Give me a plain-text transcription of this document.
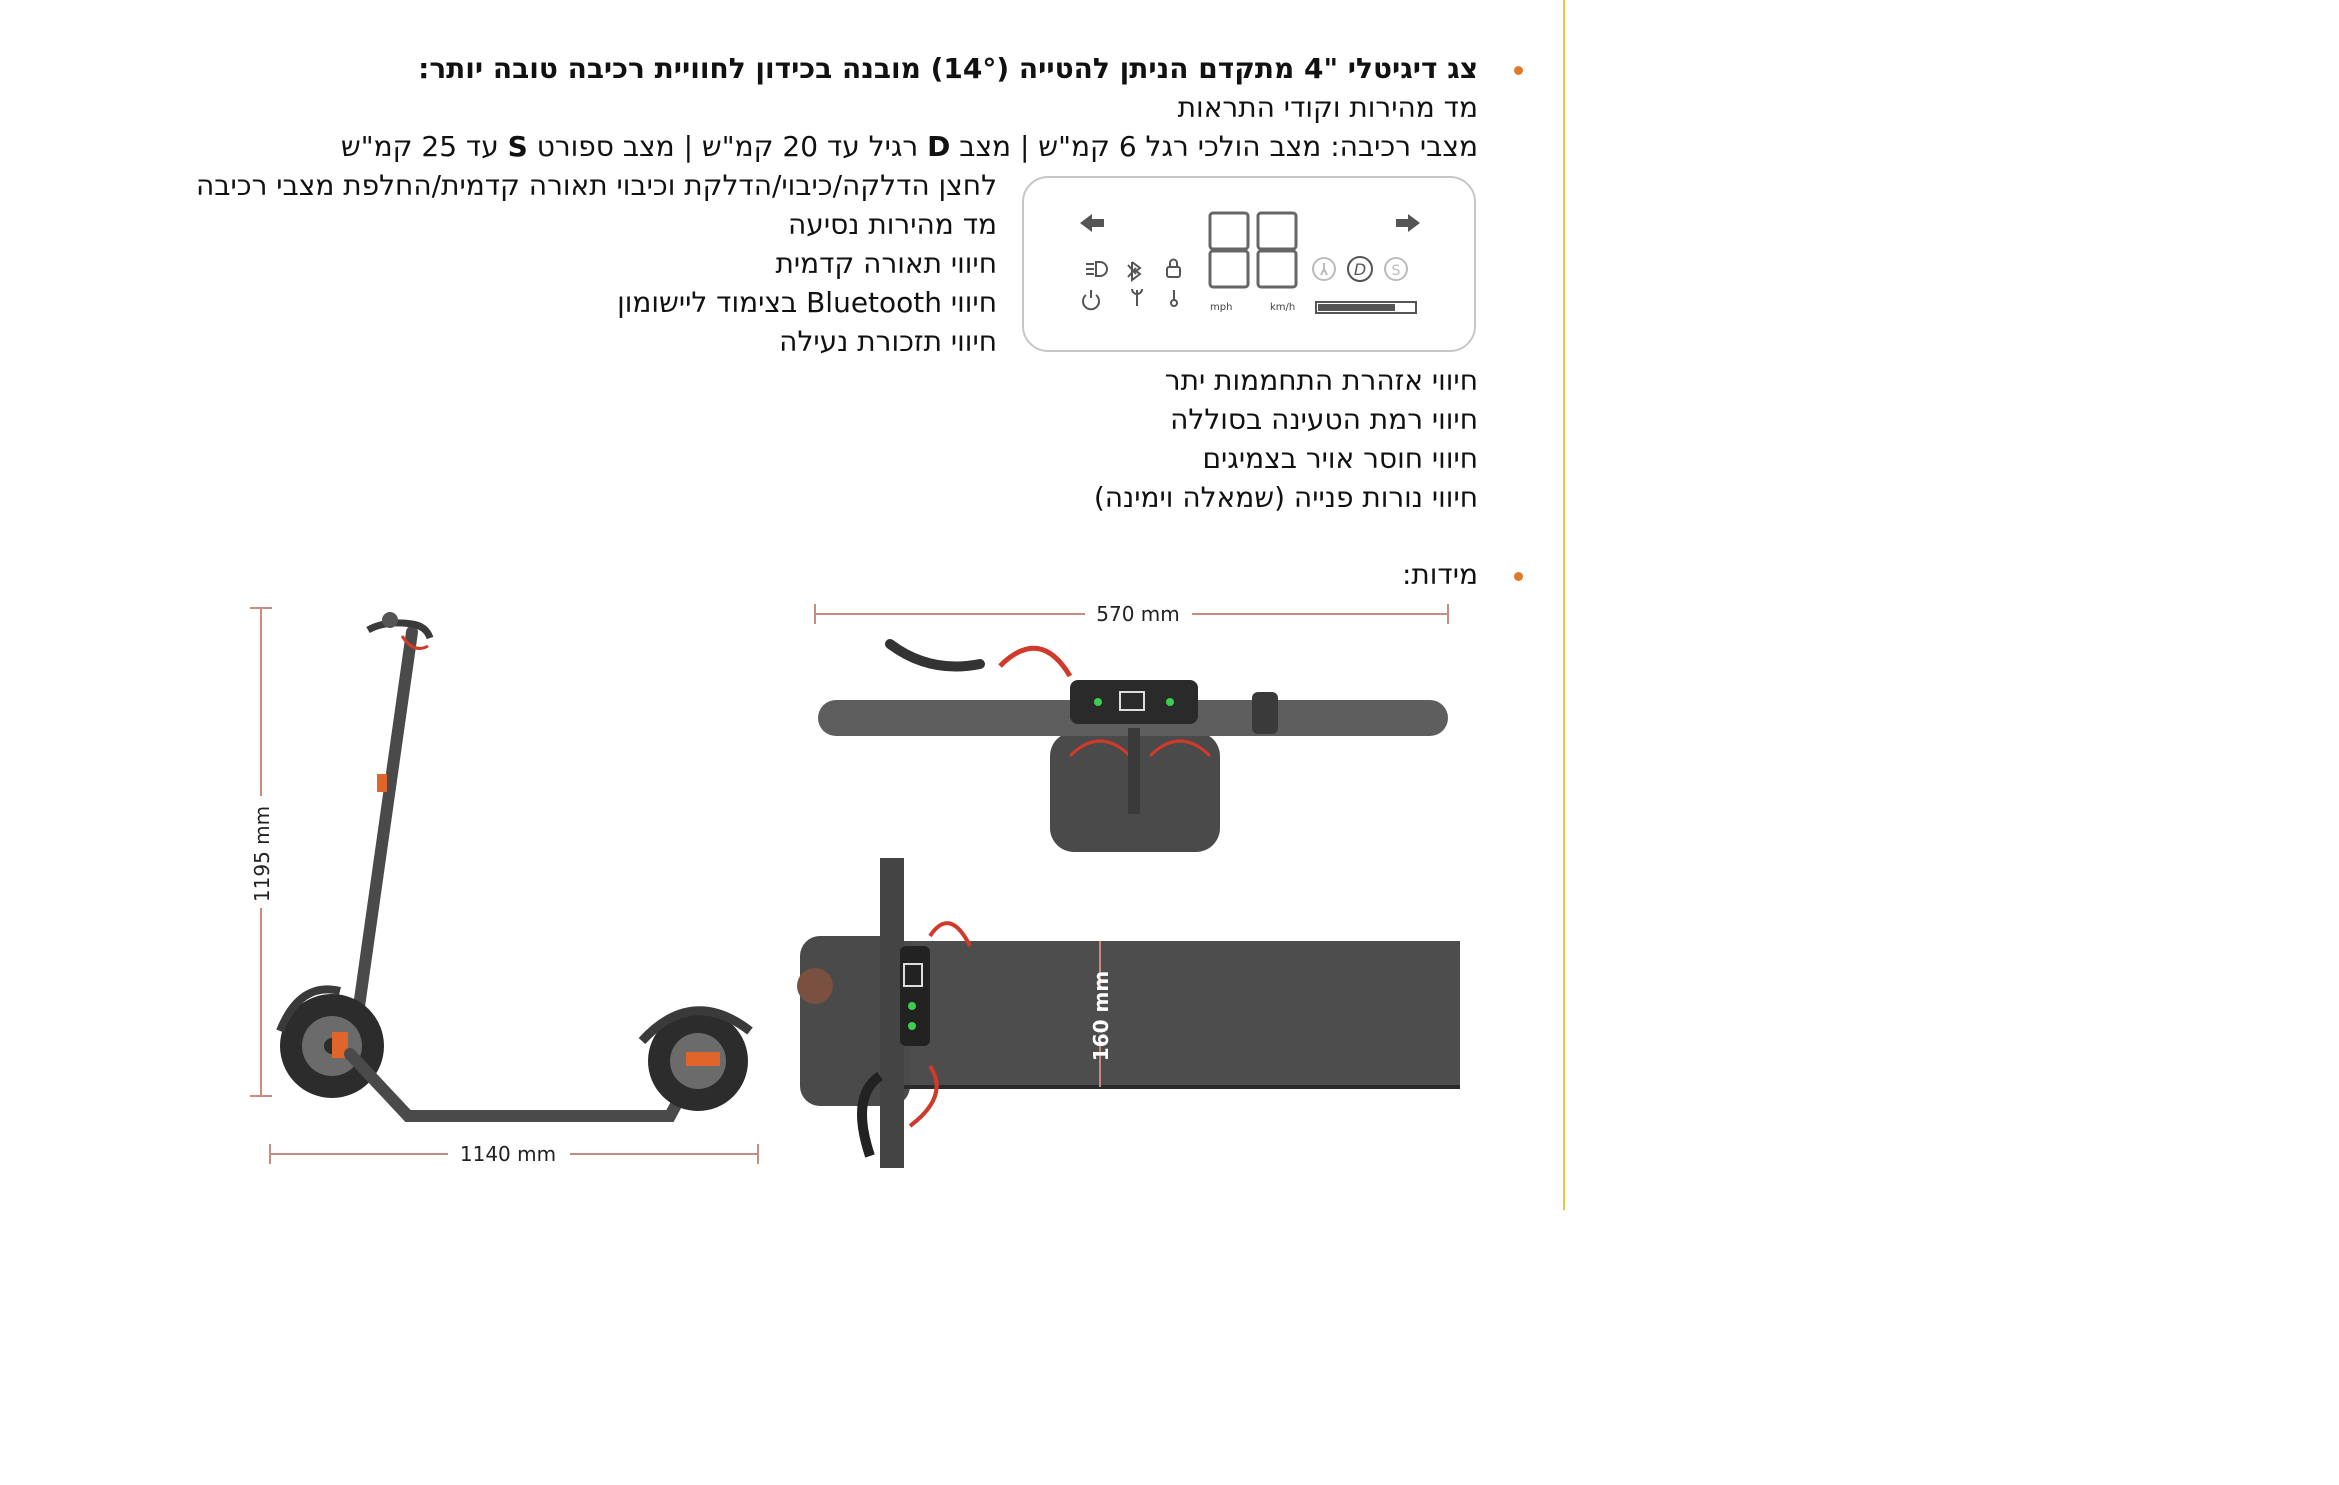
צג דיגיטלי "4 מתקדם הניתן להטייה (14°) מובנה בכידון לחוויית רכיבה טובה יותר:
מד מהירות וקודי התראות
מצבי רכיבה: מצב הולכי רגל 6 קמ"ש | מצב D רגיל עד 20 קמ"ש | מצב ספורט S עד 25 קמ"ש
לחצן הדלקה/כיבוי/הדלקת וכיבוי תאורה קדמית/החלפת מצבי רכיבה
מד מהירות נסיעה
חיווי תאורה קדמית
חיווי Bluetooth בצימוד ליישומון
חיווי תזכורת נעילה
mph	km/h
D S
חיווי אזהרת התחממות יתר
חיווי רמת הטעינה בסוללה
חיווי חוסר אויר בצמיגים
חיווי נורות פנייה (שמאלה וימינה)
מידות:
1195 mm
1140 mm
570 mm
160 mm
